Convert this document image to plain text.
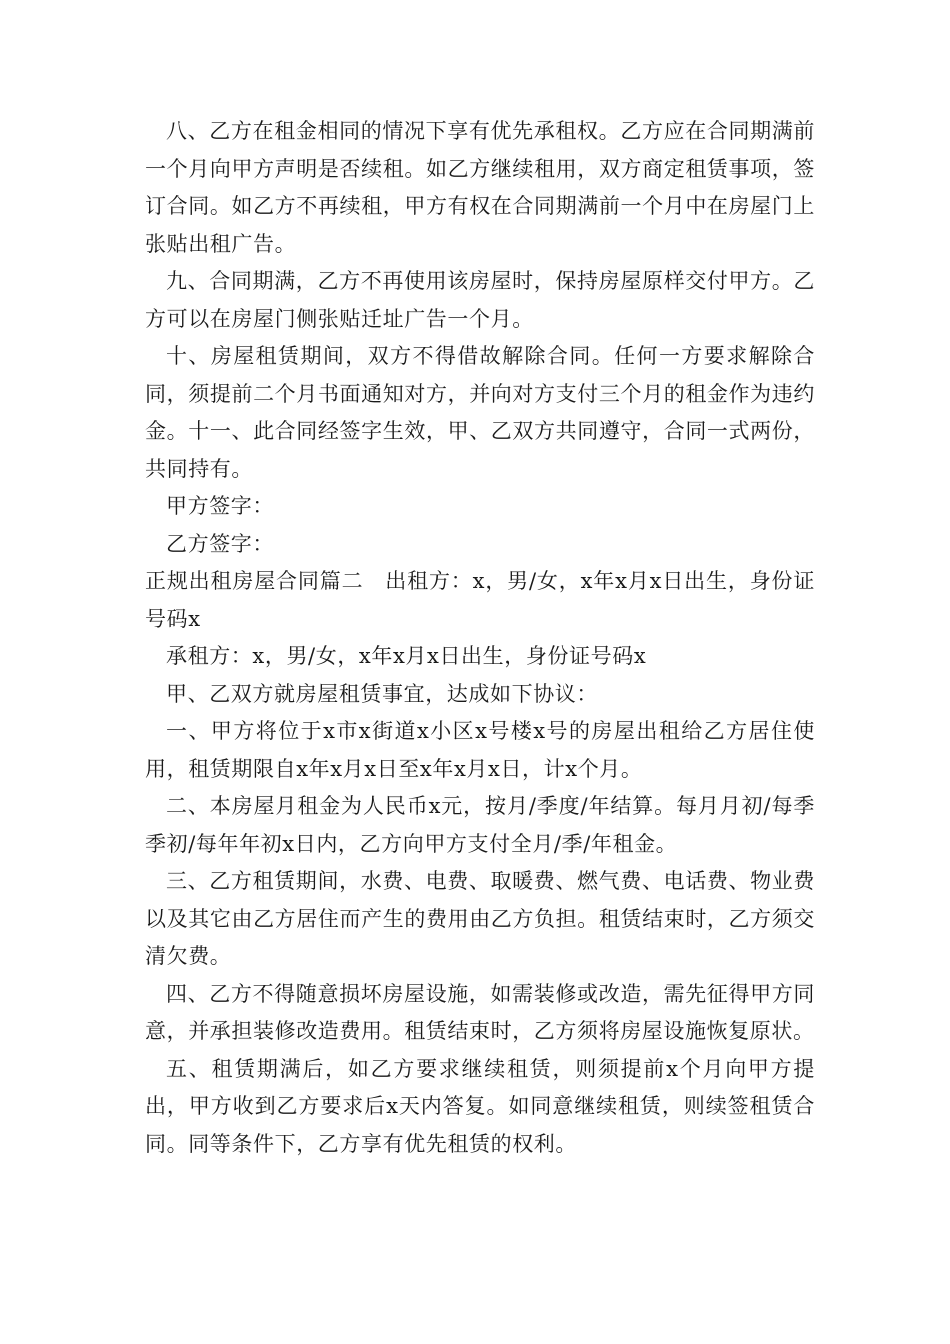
八、乙方在租金相同的情况下享有优先承租权。乙方应在合同期满前一个月向甲方声明是否续租。如乙方继续租用，双方商定租赁事项，签订合同。如乙方不再续租，甲方有权在合同期满前一个月中在房屋门上张贴出租广告。

九、合同期满，乙方不再使用该房屋时，保持房屋原样交付甲方。乙方可以在房屋门侧张贴迁址广告一个月。

十、房屋租赁期间，双方不得借故解除合同。任何一方要求解除合同，须提前二个月书面通知对方，并向对方支付三个月的租金作为违约金。十一、此合同经签字生效，甲、乙双方共同遵守，合同一式两份，共同持有。

甲方签字：

乙方签字：

正规出租房屋合同篇二　出租方：x，男/女，x年x月x日出生，身份证号码x

承租方：x，男/女，x年x月x日出生，身份证号码x

甲、乙双方就房屋租赁事宜，达成如下协议：

一、甲方将位于x市x街道x小区x号楼x号的房屋出租给乙方居住使用，租赁期限自x年x月x日至x年x月x日，计x个月。

二、本房屋月租金为人民币x元，按月/季度/年结算。每月月初/每季季初/每年年初x日内，乙方向甲方支付全月/季/年租金。

三、乙方租赁期间，水费、电费、取暖费、燃气费、电话费、物业费以及其它由乙方居住而产生的费用由乙方负担。租赁结束时，乙方须交清欠费。

四、乙方不得随意损坏房屋设施，如需装修或改造，需先征得甲方同意，并承担装修改造费用。租赁结束时，乙方须将房屋设施恢复原状。

五、租赁期满后，如乙方要求继续租赁，则须提前x个月向甲方提出，甲方收到乙方要求后x天内答复。如同意继续租赁，则续签租赁合同。同等条件下，乙方享有优先租赁的权利。
